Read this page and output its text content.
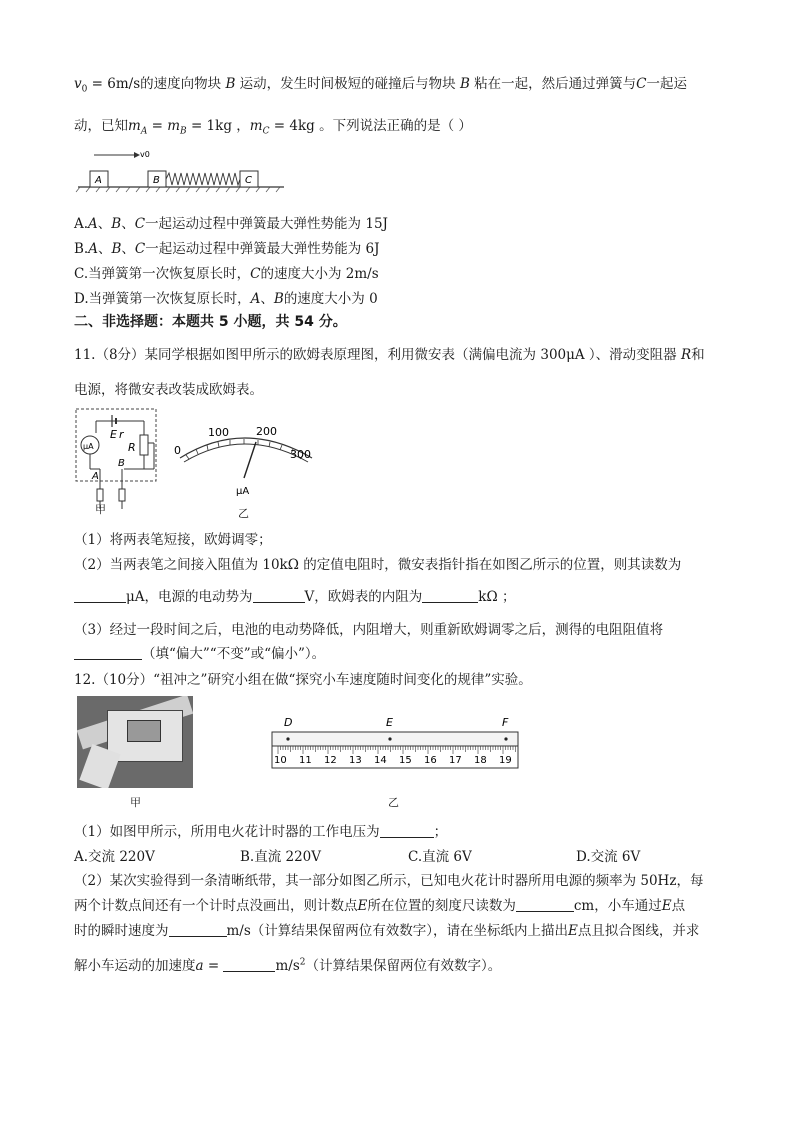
$v_0 = 6m/s$的速度向物块 B 运动，发生时间极短的碰撞后与物块 B 粘在一起，然后通过弹簧与C一起运
动，已知$m_A = m_B = 1kg$ ，$m_C = 4kg$ 。下列说法正确的是（ ）
v0
A	B	C
A.A、B、C一起运动过程中弹簧最大弹性势能为 15J
B.A、B、C一起运动过程中弹簧最大弹性势能为 6J
C.当弹簧第一次恢复原长时，C的速度大小为 2m/s
D.当弹簧第一次恢复原长时，A、B的速度大小为 0
二、非选择题：本题共 5 小题，共 54 分。
11.（8分）某同学根据如图甲所示的欧姆表原理图，利用微安表（满偏电流为 300μA ）、滑动变阻器 R和
电源，将微安表改装成欧姆表。
E r
μA	R
A
B
甲
0
100 200
300
μA
乙
（1）将两表笔短接，欧姆调零；
（2）当两表笔之间接入阻值为 10kΩ 的定值电阻时，微安表指针指在如图乙所示的位置，则其读数为
μA，电源的电动势为	V，欧姆表的内阻为	kΩ ；
（3）经过一段时间之后，电池的电动势降低，内阻增大，则重新欧姆调零之后，测得的电阻阻值将
（填“偏大”“不变”或“偏小”）。
12.（10分）“祖冲之”研究小组在做“探究小车速度随时间变化的规律”实验。
甲
D	E	F
10 11 12 13 14 15 16 17 18 19
乙
（1）如图甲所示，所用电火花计时器的工作电压为	；
A.交流 220V	B.直流 220V	C.直流 6V	D.交流 6V
（2）某次实验得到一条清晰纸带，其一部分如图乙所示，已知电火花计时器所用电源的频率为 50Hz，每
两个计数点间还有一个计时点没画出，则计数点E所在位置的刻度尺读数为	cm，小车通过E点
时的瞬时速度为	m/s（计算结果保留两位有效数字），请在坐标纸内上描出E点且拟合图线，并求
解小车运动的加速度a =	$m/s^2$（计算结果保留两位有效数字）。
